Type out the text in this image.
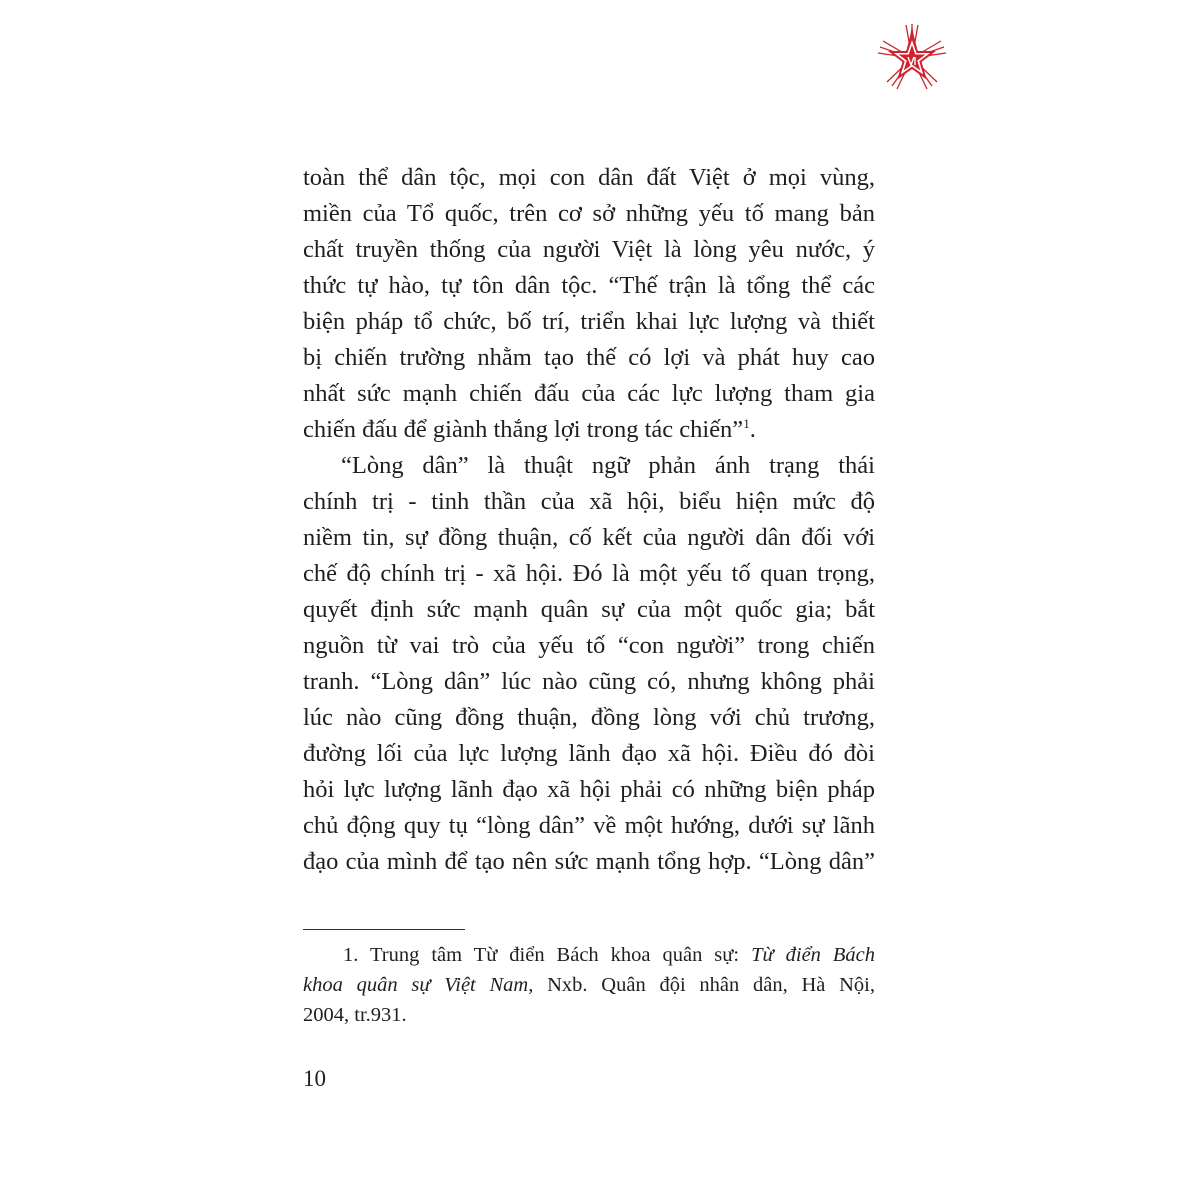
toàn thể dân tộc, mọi con dân đất Việt ở mọi vùng,
miền của Tổ quốc, trên cơ sở những yếu tố mang bản
chất truyền thống của người Việt là lòng yêu nước, ý
thức tự hào, tự tôn dân tộc. “Thế trận là tổng thể các
biện pháp tổ chức, bố trí, triển khai lực lượng và thiết
bị chiến trường nhằm tạo thế có lợi và phát huy cao
nhất sức mạnh chiến đấu của các lực lượng tham gia
chiến đấu để giành thắng lợi trong tác chiến”$^1$.

“Lòng dân” là thuật ngữ phản ánh trạng thái
chính trị - tinh thần của xã hội, biểu hiện mức độ
niềm tin, sự đồng thuận, cố kết của người dân đối với
chế độ chính trị - xã hội. Đó là một yếu tố quan trọng,
quyết định sức mạnh quân sự của một quốc gia; bắt
nguồn từ vai trò của yếu tố “con người” trong chiến
tranh. “Lòng dân” lúc nào cũng có, nhưng không phải
lúc nào cũng đồng thuận, đồng lòng với chủ trương,
đường lối của lực lượng lãnh đạo xã hội. Điều đó đòi
hỏi lực lượng lãnh đạo xã hội phải có những biện pháp
chủ động quy tụ “lòng dân” về một hướng, dưới sự lãnh
đạo của mình để tạo nên sức mạnh tổng hợp. “Lòng dân”

1. Trung tâm Từ điển Bách khoa quân sự: Từ điển Bách
khoa quân sự Việt Nam, Nxb. Quân đội nhân dân, Hà Nội,
2004, tr.931.
10
